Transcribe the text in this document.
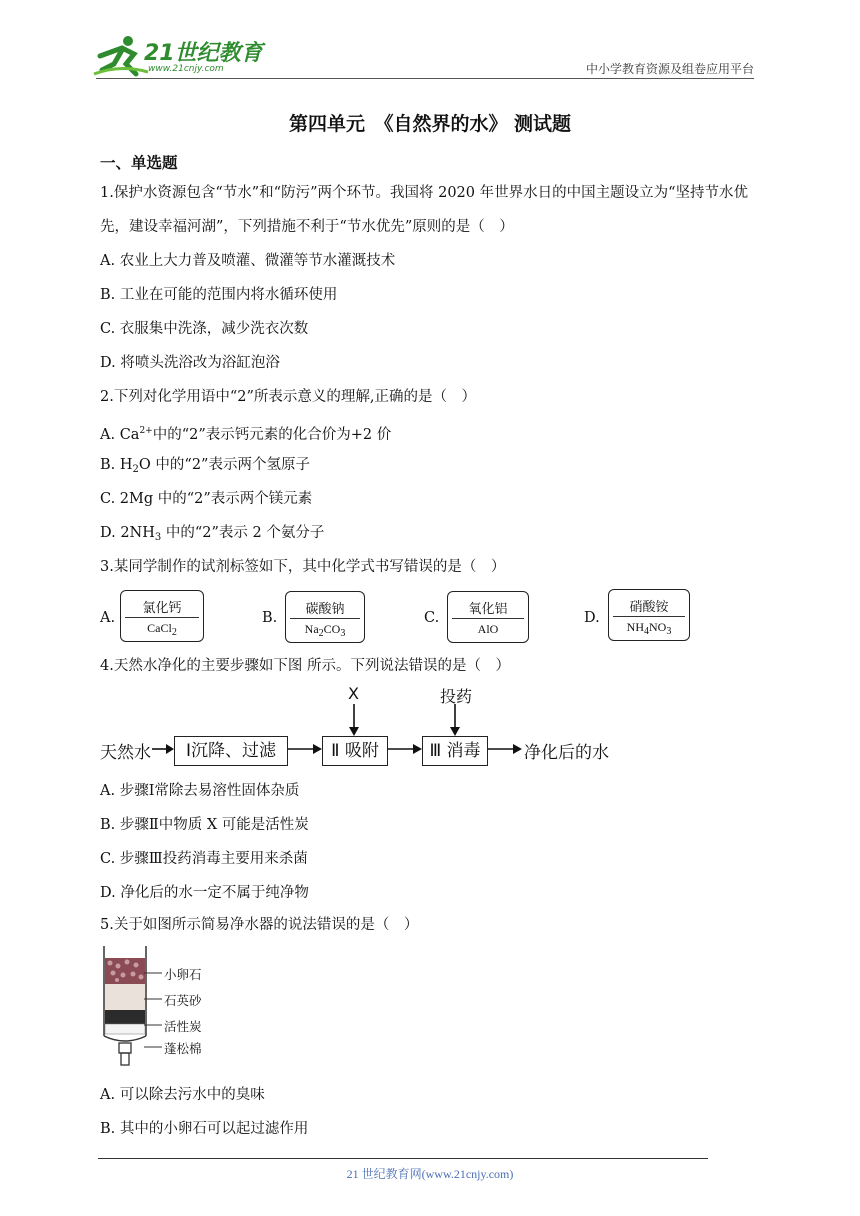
21世纪教育
www.21cnjy.com	中小学教育资源及组卷应用平台
第四单元　《自然界的水》 测试题
一、单选题
1.保护水资源包含“节水”和“防污”两个环节。我国将 2020 年世界水日的中国主题设立为“坚持节水优
先，建设幸福河湖”，下列措施不利于“节水优先”原则的是（　）
A. 农业上大力普及喷灌、微灌等节水灌溉技术
B. 工业在可能的范围内将水循环使用
C. 衣服集中洗涤，减少洗衣次数
D. 将喷头洗浴改为浴缸泡浴
2.下列对化学用语中“2”所表示意义的理解,正确的是（　）
A. $Ca^{2+}$中的“2”表示钙元素的化合价为+2 价
B. $H_2O$ 中的“2”表示两个氢原子
C. 2Mg 中的“2”表示两个镁元素
D. $2NH_3$ 中的“2”表示 2 个氨分子
3.某同学制作的试剂标签如下，其中化学式书写错误的是（　）
A.
氯化钙
CaCl$_2$
B.
碳酸钠
$Na_2CO_3$
C.
氧化铝
AlO
D.
硝酸铵
$NH_4NO_3$
4.天然水净化的主要步骤如下图 所示。下列说法错误的是（　）
天然水	Ⅰ沉降、过滤	Ⅱ 吸附	Ⅲ 消毒	净化后的水
X	投药
A. 步骤Ⅰ常除去易溶性固体杂质
B. 步骤Ⅱ中物质 X 可能是活性炭
C. 步骤Ⅲ投药消毒主要用来杀菌
D. 净化后的水一定不属于纯净物
5.关于如图所示简易净水器的说法错误的是（　）
小卵石
石英砂
活性炭
蓬松棉
A. 可以除去污水中的臭味
B. 其中的小卵石可以起过滤作用
21 世纪教育网(www.21cnjy.com)
